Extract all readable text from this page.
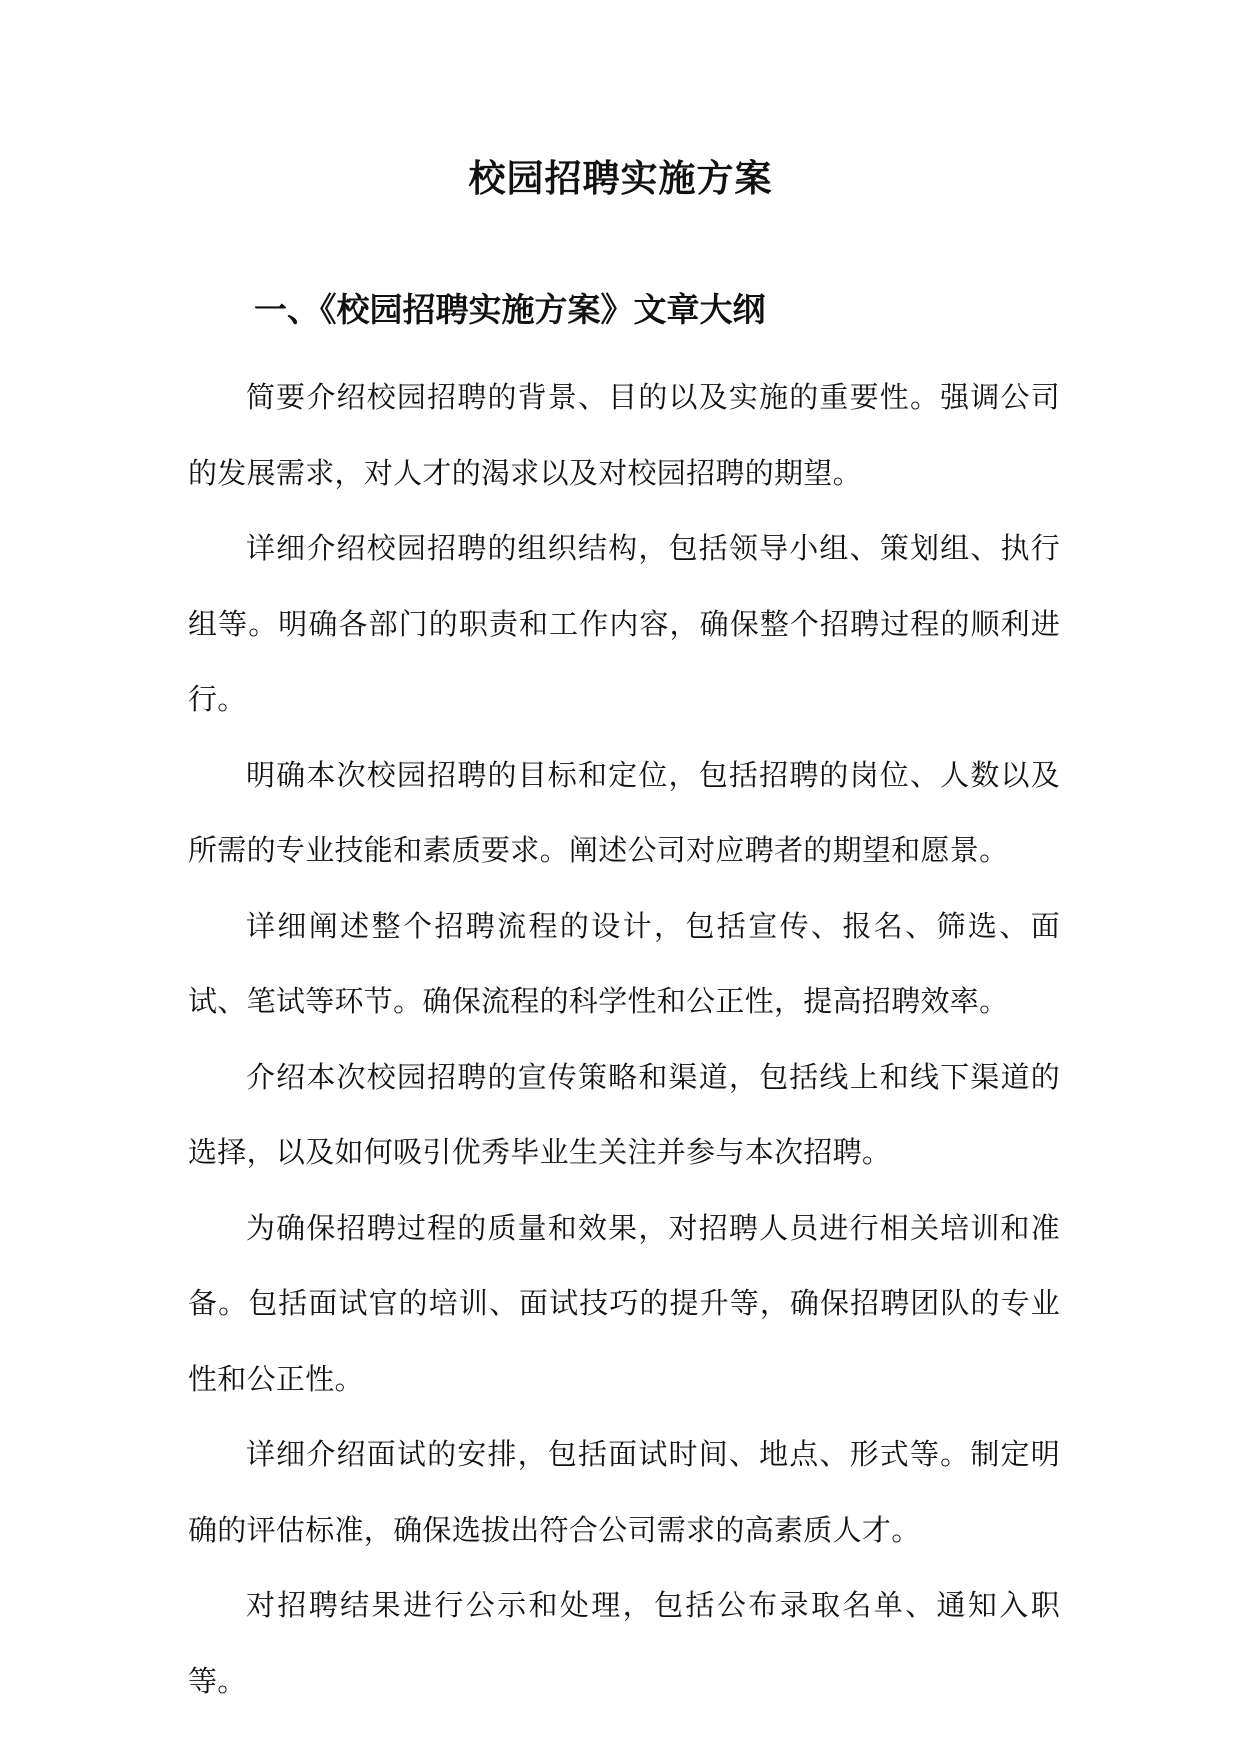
校园招聘实施方案
一、《校园招聘实施方案》文章大纲

简要介绍校园招聘的背景、目的以及实施的重要性。强调公司的发展需求，对人才的渴求以及对校园招聘的期望。

详细介绍校园招聘的组织结构，包括领导小组、策划组、执行组等。明确各部门的职责和工作内容，确保整个招聘过程的顺利进行。

明确本次校园招聘的目标和定位，包括招聘的岗位、人数以及所需的专业技能和素质要求。阐述公司对应聘者的期望和愿景。

详细阐述整个招聘流程的设计，包括宣传、报名、筛选、面试、笔试等环节。确保流程的科学性和公正性，提高招聘效率。

介绍本次校园招聘的宣传策略和渠道，包括线上和线下渠道的选择，以及如何吸引优秀毕业生关注并参与本次招聘。

为确保招聘过程的质量和效果，对招聘人员进行相关培训和准备。包括面试官的培训、面试技巧的提升等，确保招聘团队的专业性和公正性。

详细介绍面试的安排，包括面试时间、地点、形式等。制定明确的评估标准，确保选拔出符合公司需求的高素质人才。

对招聘结果进行公示和处理，包括公布录取名单、通知入职等。
